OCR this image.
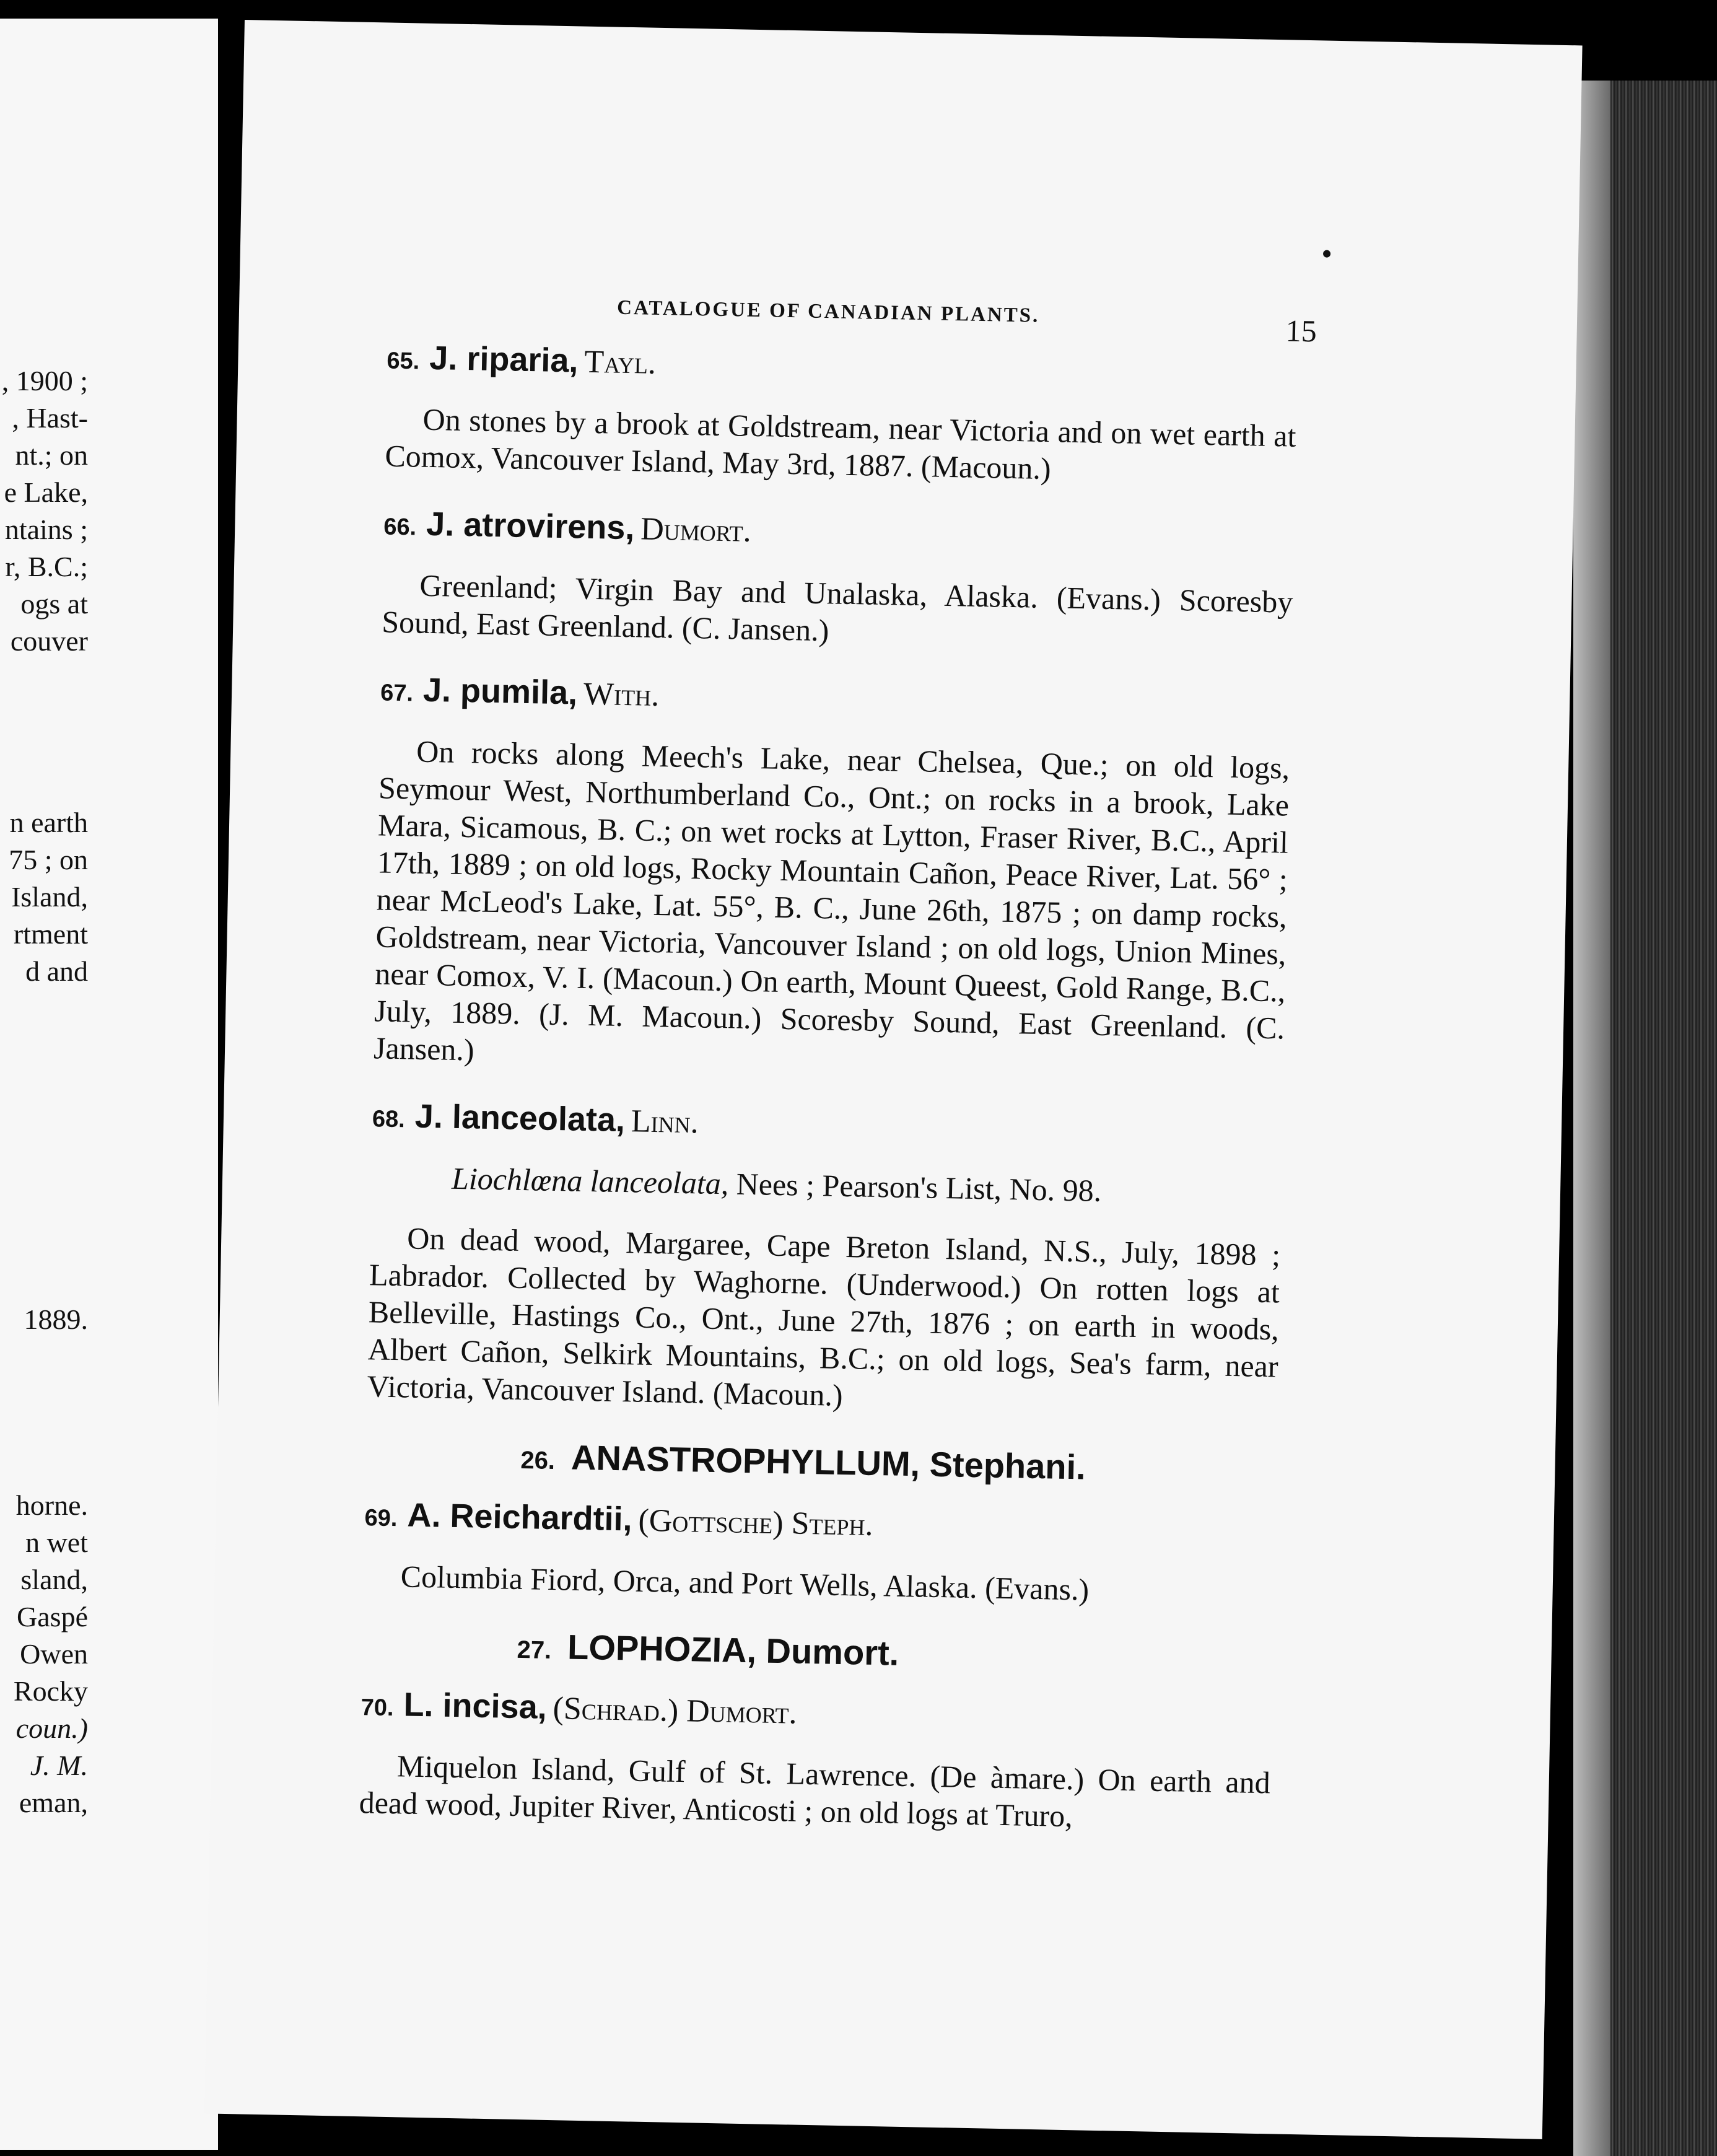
, 1900 ;
, Hast-
nt.; on
e Lake,
ntains ;
r, B.C.;
ogs at
couver
n earth
75 ; on
Island,
rtment
d and
1889.
horne.
n wet
sland,
Gaspé
Owen
Rocky
coun.)
J. M.
eman,
CATALOGUE OF CANADIAN PLANTS.
15
65. J. riparia, Tayl.

On stones by a brook at Goldstream, near Victoria and on wet earth at Comox, Vancouver Island, May 3rd, 1887. (Macoun.)

66. J. atrovirens, Dumort.

Greenland; Virgin Bay and Unalaska, Alaska. (Evans.) Scoresby Sound, East Greenland. (C. Jansen.)

67. J. pumila, With.

On rocks along Meech's Lake, near Chelsea, Que.; on old logs, Seymour West, Northumberland Co., Ont.; on rocks in a brook, Lake Mara, Sicamous, B. C.; on wet rocks at Lytton, Fraser River, B.C., April 17th, 1889 ; on old logs, Rocky Mountain Cañon, Peace River, Lat. 56° ; near McLeod's Lake, Lat. 55°, B. C., June 26th, 1875 ; on damp rocks, Goldstream, near Victoria, Vancouver Island ; on old logs, Union Mines, near Comox, V. I. (Macoun.) On earth, Mount Queest, Gold Range, B.C., July, 1889. (J. M. Macoun.) Scoresby Sound, East Greenland. (C. Jansen.)

68. J. lanceolata, Linn.
Liochlœna lanceolata, Nees ; Pearson's List, No. 98.

On dead wood, Margaree, Cape Breton Island, N.S., July, 1898 ; Labrador. Collected by Waghorne. (Underwood.) On rotten logs at Belleville, Hastings Co., Ont., June 27th, 1876 ; on earth in woods, Albert Cañon, Selkirk Mountains, B.C.; on old logs, Sea's farm, near Victoria, Vancouver Island. (Macoun.)

26. ANASTROPHYLLUM, Stephani.
69. A. Reichardtii, (Gottsche) Steph.

Columbia Fiord, Orca, and Port Wells, Alaska. (Evans.)

27. LOPHOZIA, Dumort.
70. L. incisa, (Schrad.) Dumort.

Miquelon Island, Gulf of St. Lawrence. (De àmare.) On earth and dead wood, Jupiter River, Anticosti ; on old logs at Truro,
